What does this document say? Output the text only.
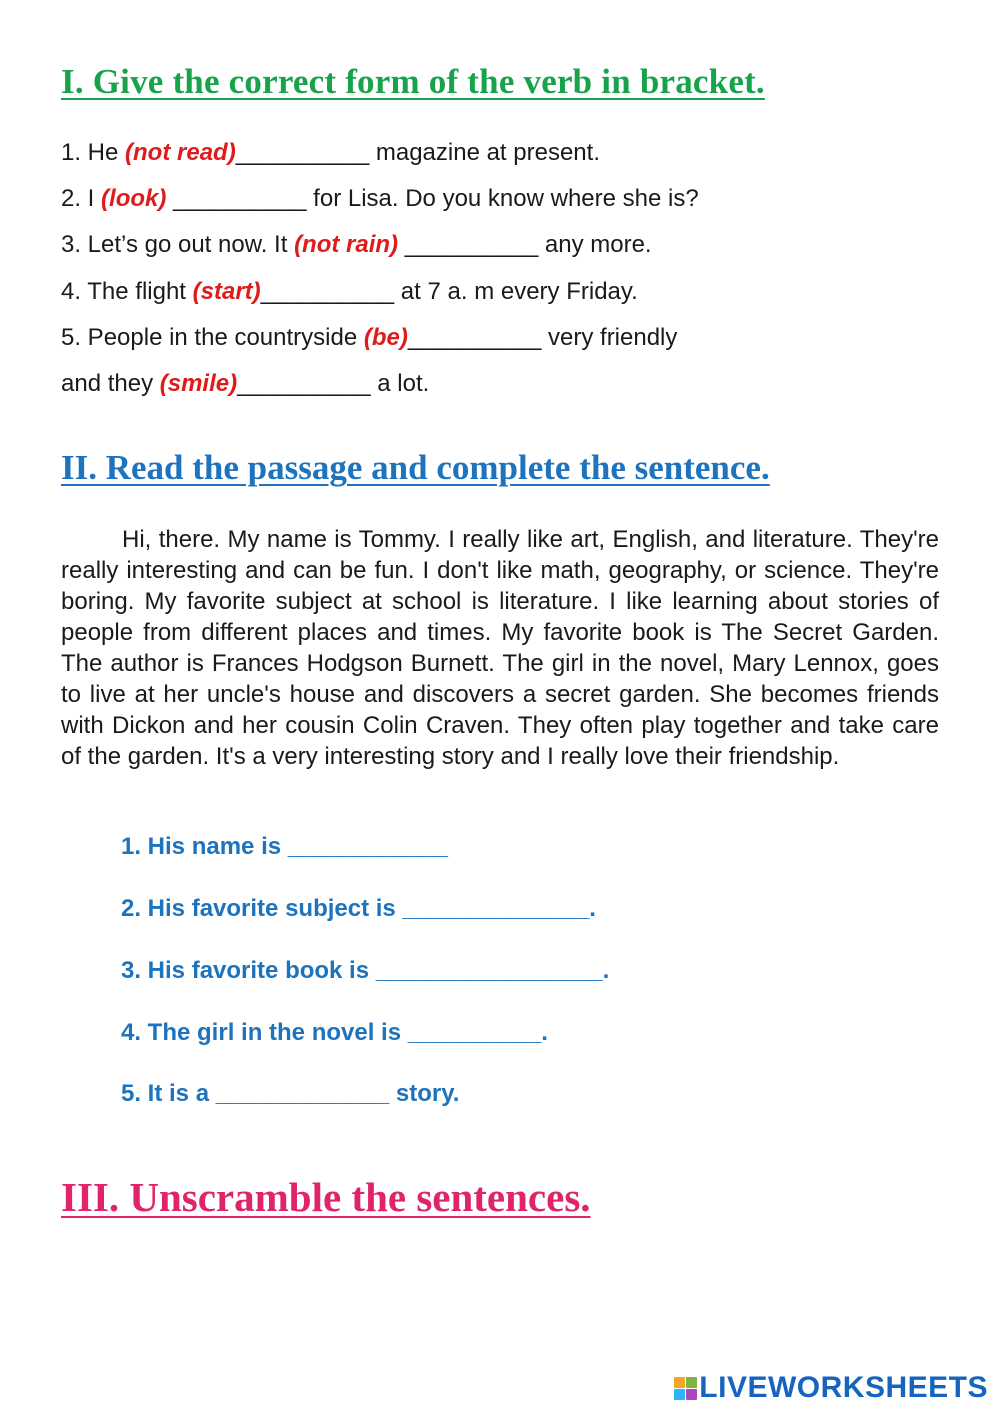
I. Give the correct form of the verb in bracket.
1. He (not read)__________ magazine at present.
2. I (look) __________ for Lisa. Do you know where she is?
3. Let’s go out now. It (not rain) __________ any more.
4. The flight (start)__________ at 7 a. m every Friday.
5. People in the countryside (be)__________ very friendly
and they (smile)__________ a lot.
II. Read the passage and complete the sentence.

Hi, there. My name is Tommy. I really like art, English, and literature. They're really interesting and can be fun. I don't like math, geography, or science. They're boring. My favorite subject at school is literature. I like learning about stories of people from different places and times. My favorite book is The Secret Garden. The author is Frances Hodgson Burnett. The girl in the novel, Mary Lennox, goes to live at her uncle's house and discovers a secret garden. She becomes friends with Dickon and her cousin Colin Craven. They often play together and take care of the garden. It's a very interesting story and I really love their friendship.

1. His name is ____________
2. His favorite subject is ______________.
3. His favorite book is _________________.
4. The girl in the novel is __________.
5. It is a _____________ story.
III. Unscramble the sentences.
LIVEWORKSHEETS
